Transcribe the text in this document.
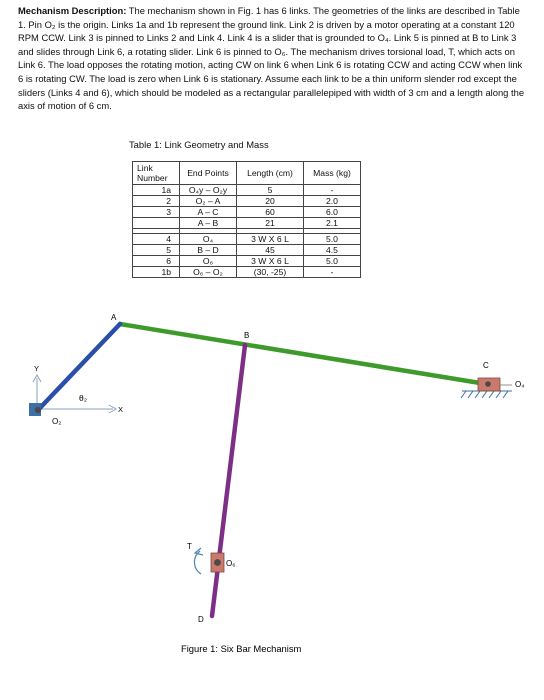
Mechanism Description: The mechanism shown in Fig. 1 has 6 links. The geometries of the links are described in Table 1. Pin O₂ is the origin. Links 1a and 1b represent the ground link. Link 2 is driven by a motor operating at a constant 120 RPM CCW. Link 3 is pinned to Links 2 and Link 4. Link 4 is a slider that is grounded to O₄. Link 5 is pinned at B to Link 3 and slides through Link 6, a rotating slider. Link 6 is pinned to O₆. The mechanism drives torsional load, T, which acts on Link 6. The load opposes the rotating motion, acting CW on link 6 when Link 6 is rotating CCW and acting CCW when link 6 is rotating CW. The load is zero when Link 6 is stationary. Assume each link to be a thin uniform slender rod except the sliders (Links 4 and 6), which should be modeled as a rectangular parallelepiped with width of 3 cm and a length along the axis of motion of 6 cm.

Table 1: Link Geometry and Mass
Link Number	End Points	Length (cm)	Mass (kg)
1a	O₄y – O₂y	5	-
2	O₂ – A	20	2.0
3	A – C	60	6.0
	A – B	21	2.1

4	O₄	3 W X 6 L	5.0
5	B – D	45	4.5
6	O₆	3 W X 6 L	5.0
1b	O₆ – O₂	(30, -25)	-
Y
X
θ₂
O₂
A
B
C
O₄
T
O₆
D
Figure 1: Six Bar Mechanism
